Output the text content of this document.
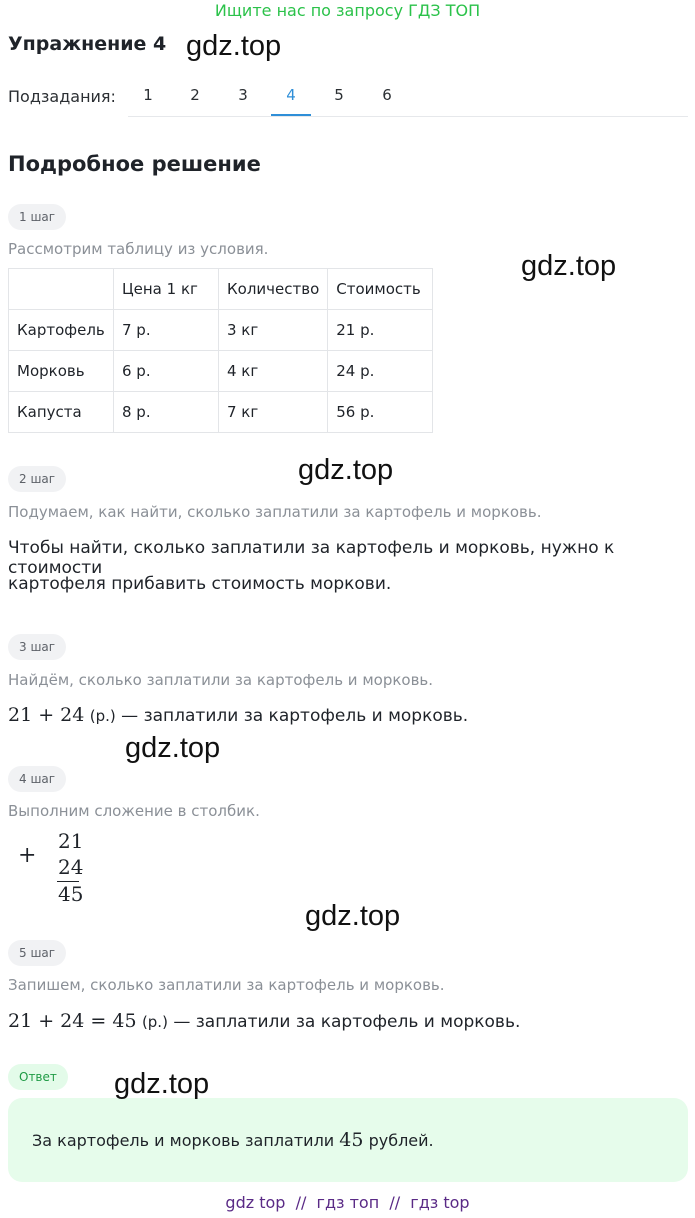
Ищите нас по запросу ГДЗ ТОП
Упражнение 4 gdz.top
Подзадания:	1	2	3	4	5	6
Подробное решение
1 шаг
Рассмотрим таблицу из условия.
	Цена 1 кг	Количество	Стоимость
Картофель	7 р.	3 кг	21 р.
Морковь	6 р.	4 кг	24 р.
Капуста	8 р.	7 кг	56 р.
gdz.top
gdz.top
2 шаг
Подумаем, как найти, сколько заплатили за картофель и морковь.
Чтобы найти, сколько заплатили за картофель и морковь, нужно к стоимости
картофеля прибавить стоимость моркови.
3 шаг
Найдём, сколько заплатили за картофель и морковь.
21 + 24 (р.) — заплатили за картофель и морковь.
gdz.top
4 шаг
Выполним сложение в столбик.
+
21
24
45
gdz.top
5 шаг
Запишем, сколько заплатили за картофель и морковь.
21 + 24 = 45 (р.) — заплатили за картофель и морковь.
Ответ
За картофель и морковь заплатили 45 рублей.
gdz.top
gdz top  //  гдз топ  //  гдз top
